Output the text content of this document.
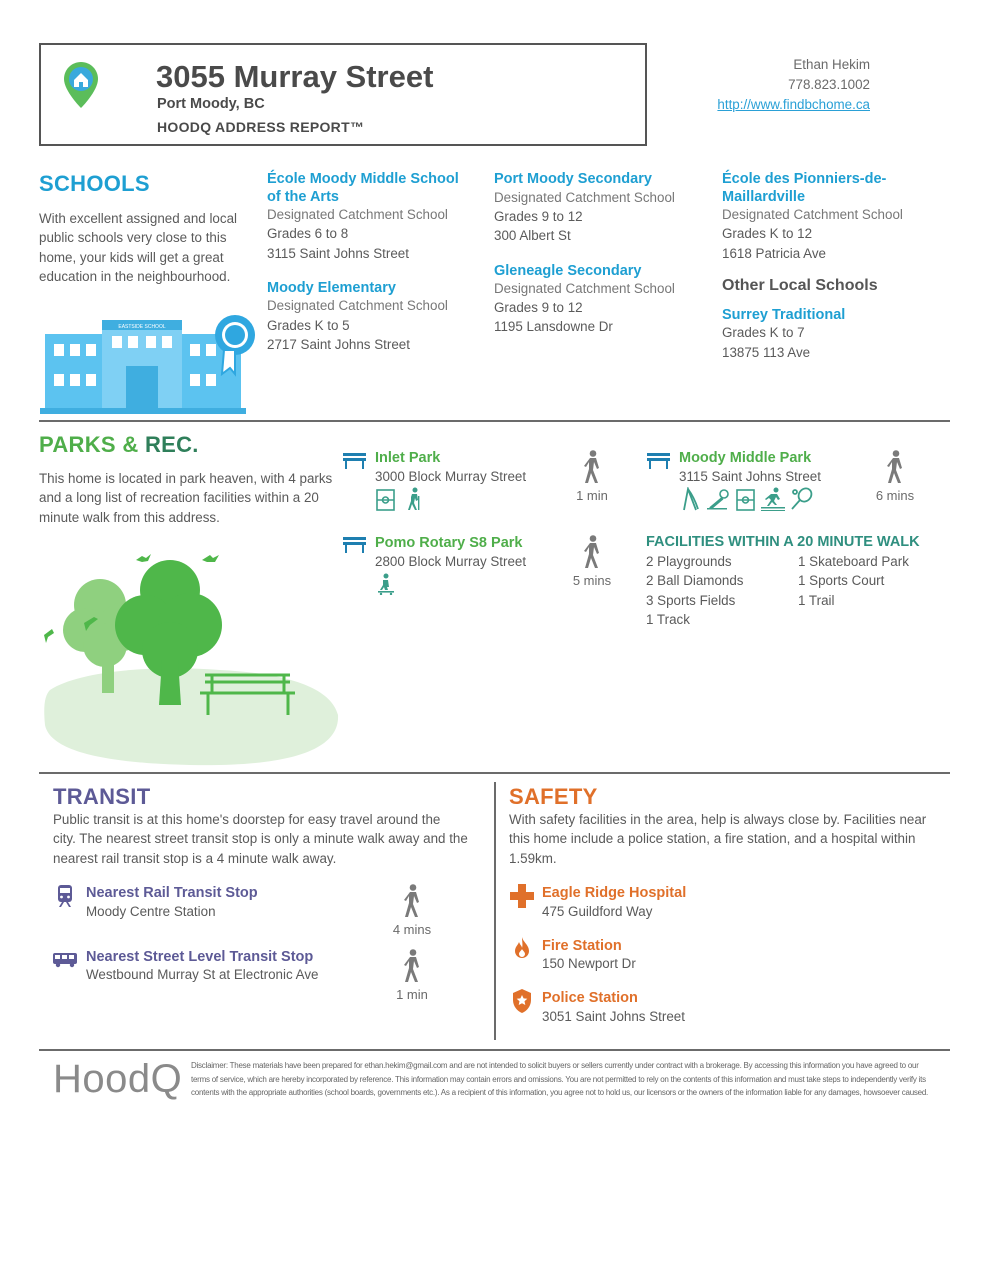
3055 Murray Street
Port Moody, BC
HOODQ ADDRESS REPORT™
Ethan Hekim
778.823.1002
http://www.findbchome.ca
SCHOOLS
With excellent assigned and local
public schools very close to this
home, your kids will get a great
education in the neighbourhood.
EASTSIDE SCHOOL
École Moody Middle School
of the Arts
Designated Catchment School
Grades 6 to 8
3115 Saint Johns Street
Moody Elementary
Designated Catchment School
Grades K to 5
2717 Saint Johns Street
Port Moody Secondary
Designated Catchment School
Grades 9 to 12
300 Albert St
Gleneagle Secondary
Designated Catchment School
Grades 9 to 12
1195 Lansdowne Dr
École des Pionniers-de-
Maillardville
Designated Catchment School
Grades K to 12
1618 Patricia Ave
Other Local Schools
Surrey Traditional
Grades K to 7
13875 113 Ave
PARKS & REC.
This home is located in park heaven, with 4 parks
and a long list of recreation facilities within a 20
minute walk from this address.
Inlet Park
3000 Block Murray Street
1 min
Pomo Rotary S8 Park
2800 Block Murray Street
5 mins
Moody Middle Park
3115 Saint Johns Street
6 mins
FACILITIES WITHIN A 20 MINUTE WALK
2 Playgrounds
2 Ball Diamonds
3 Sports Fields
1 Track
1 Skateboard Park
1 Sports Court
1 Trail
TRANSIT
Public transit is at this home's doorstep for easy travel around the
city. The nearest street transit stop is only a minute walk away and the
nearest rail transit stop is a 4 minute walk away.
Nearest Rail Transit Stop
Moody Centre Station
4 mins
Nearest Street Level Transit Stop
Westbound Murray St at Electronic Ave
1 min
SAFETY
With safety facilities in the area, help is always close by. Facilities near
this home include a police station, a fire station, and a hospital within
1.59km.
Eagle Ridge Hospital
475 Guildford Way
Fire Station
150 Newport Dr
Police Station
3051 Saint Johns Street
HoodQ Disclaimer: These materials have been prepared for ethan.hekim@gmail.com and are not intended to solicit buyers or sellers currently under contract with a brokerage. By accessing this information you have agreed to our
terms of service, which are hereby incorporated by reference. This information may contain errors and omissions. You are not permitted to rely on the contents of this information and must take steps to independently verify its
contents with the appropriate authorities (school boards, governments etc.). As a recipient of this information, you agree not to hold us, our licensors or the owners of the information liable for any damages, howsoever caused.
